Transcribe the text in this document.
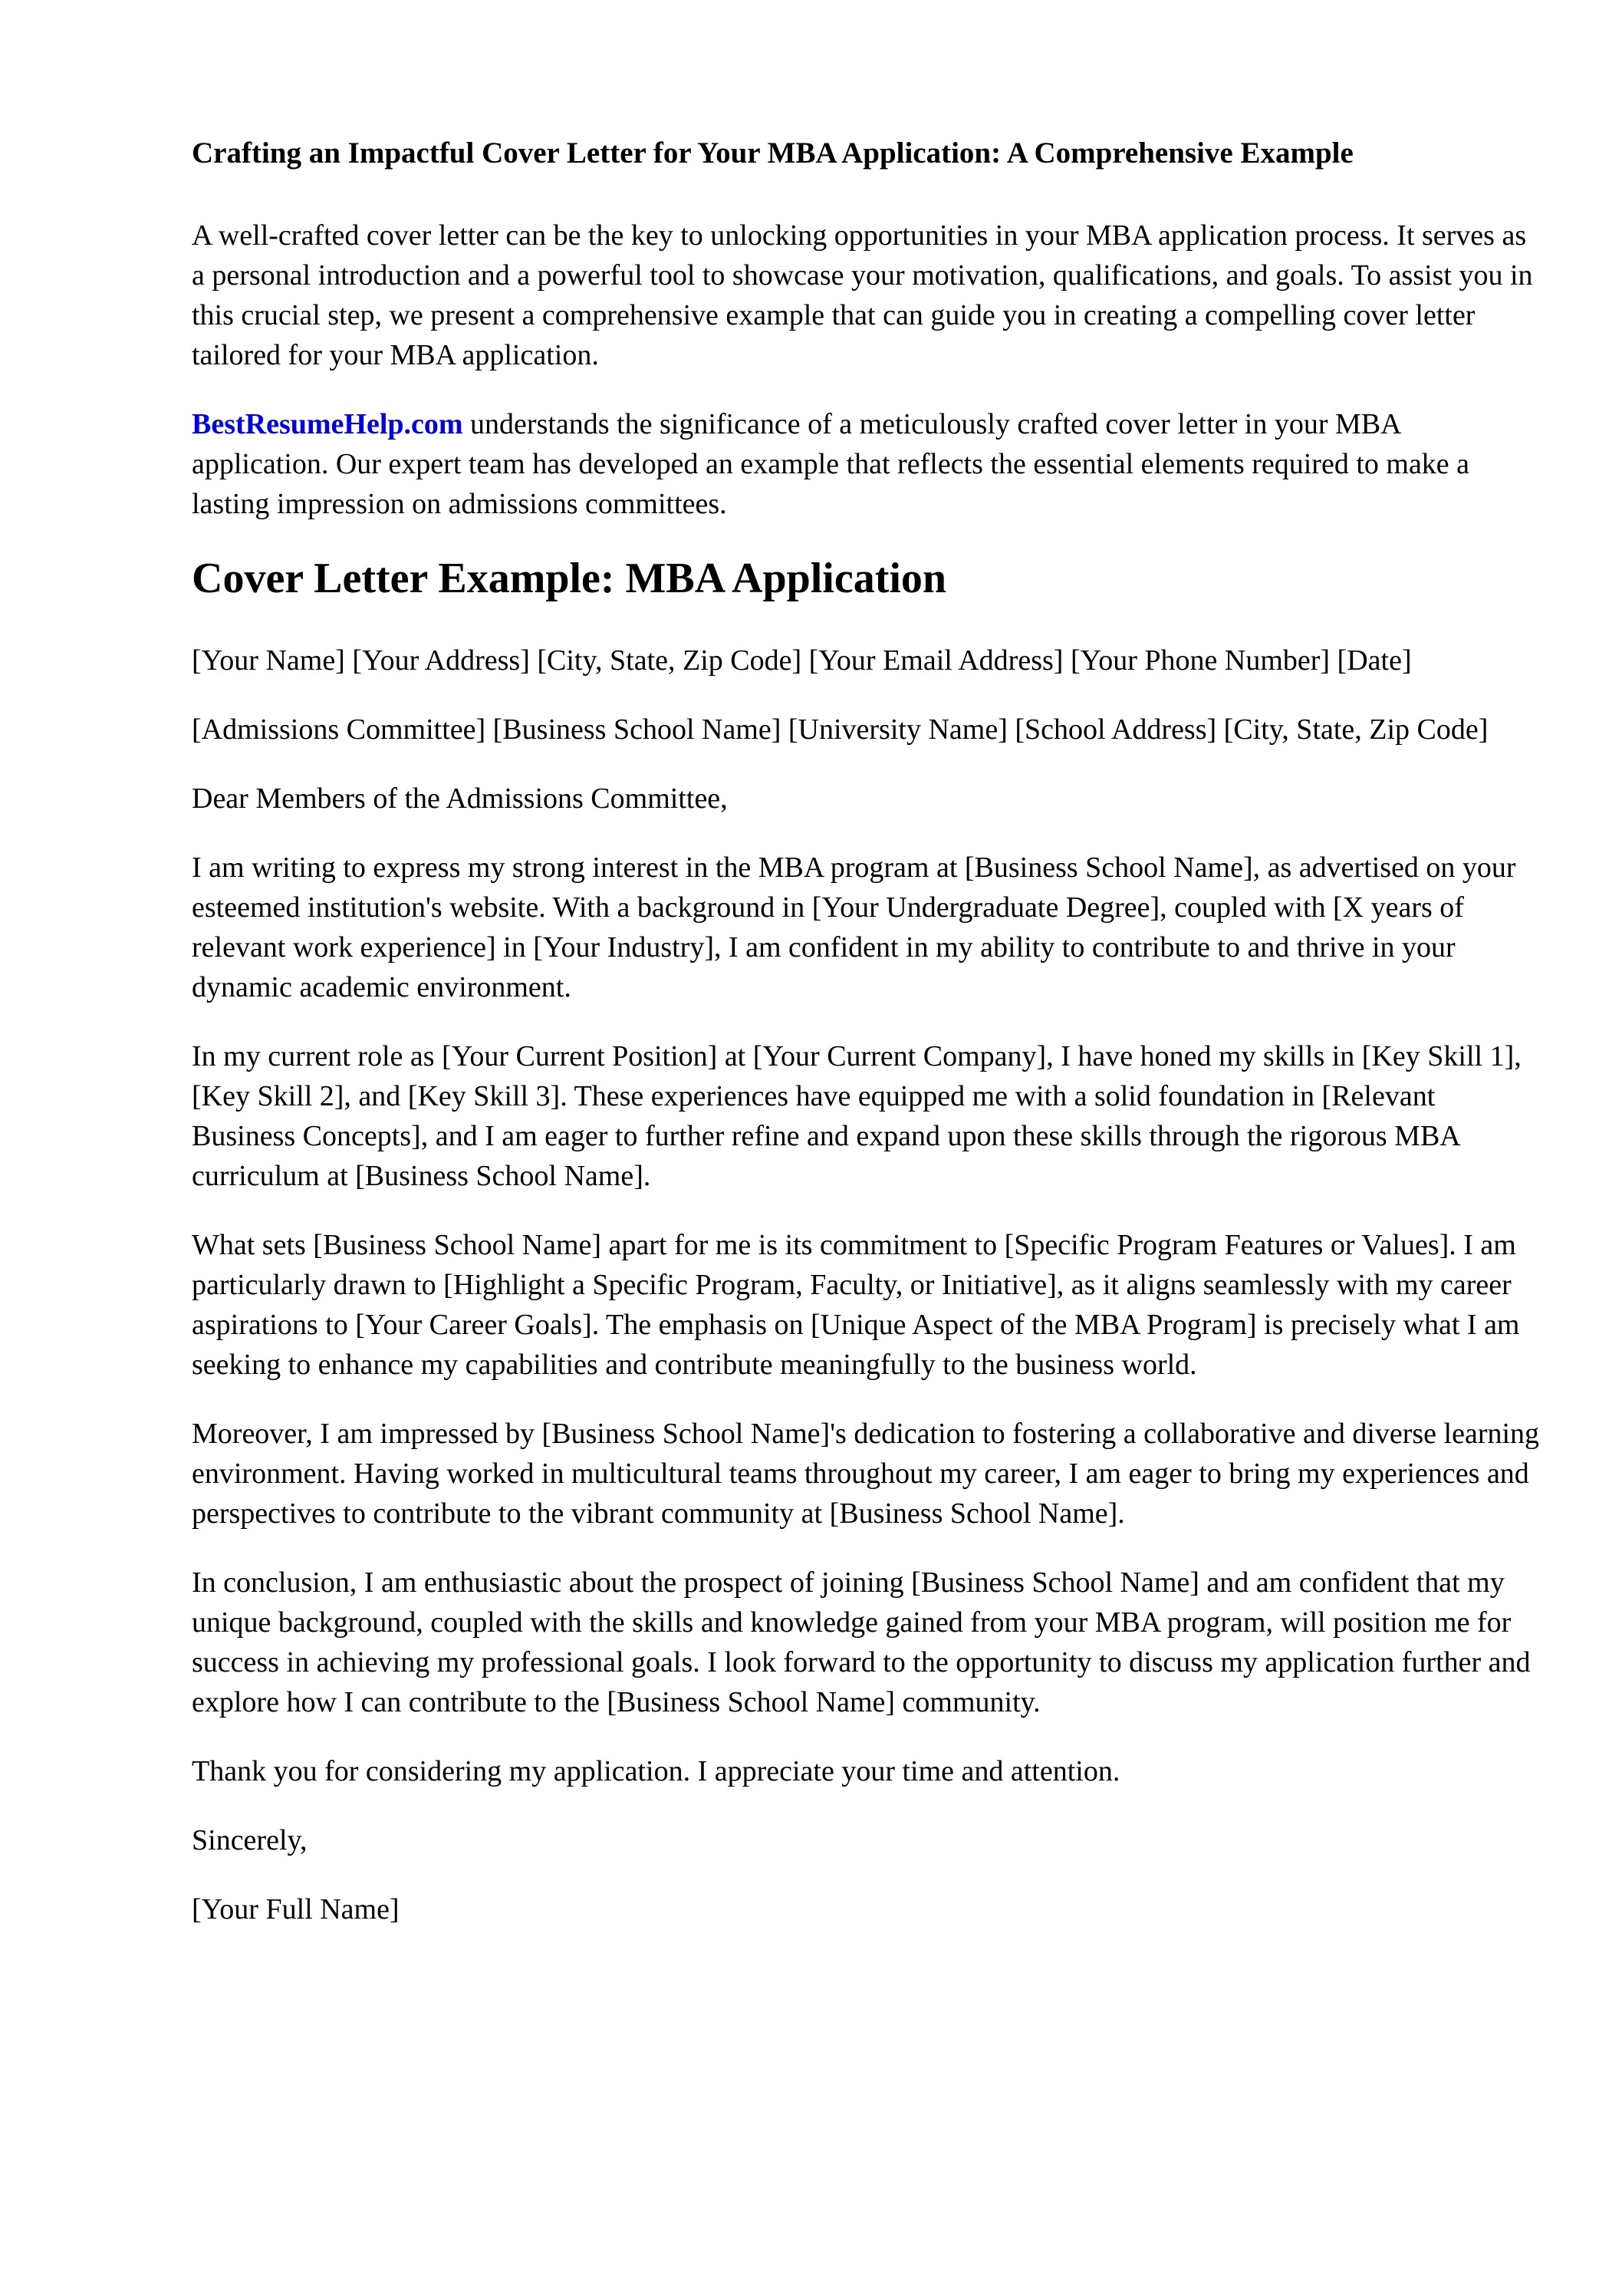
Crafting an Impactful Cover Letter for Your MBA Application: A Comprehensive Example

A well-crafted cover letter can be the key to unlocking opportunities in your MBA application process. It serves as a personal introduction and a powerful tool to showcase your motivation, qualifications, and goals. To assist you in this crucial step, we present a comprehensive example that can guide you in creating a compelling cover letter tailored for your MBA application.

BestResumeHelp.com understands the significance of a meticulously crafted cover letter in your MBA application. Our expert team has developed an example that reflects the essential elements required to make a lasting impression on admissions committees.

Cover Letter Example: MBA Application

[Your Name] [Your Address] [City, State, Zip Code] [Your Email Address] [Your Phone Number] [Date]

[Admissions Committee] [Business School Name] [University Name] [School Address] [City, State, Zip Code]

Dear Members of the Admissions Committee,

I am writing to express my strong interest in the MBA program at [Business School Name], as advertised on your esteemed institution's website. With a background in [Your Undergraduate Degree], coupled with [X years of relevant work experience] in [Your Industry], I am confident in my ability to contribute to and thrive in your dynamic academic environment.

In my current role as [Your Current Position] at [Your Current Company], I have honed my skills in [Key Skill 1], [Key Skill 2], and [Key Skill 3]. These experiences have equipped me with a solid foundation in [Relevant Business Concepts], and I am eager to further refine and expand upon these skills through the rigorous MBA curriculum at [Business School Name].

What sets [Business School Name] apart for me is its commitment to [Specific Program Features or Values]. I am particularly drawn to [Highlight a Specific Program, Faculty, or Initiative], as it aligns seamlessly with my career aspirations to [Your Career Goals]. The emphasis on [Unique Aspect of the MBA Program] is precisely what I am seeking to enhance my capabilities and contribute meaningfully to the business world.

Moreover, I am impressed by [Business School Name]'s dedication to fostering a collaborative and diverse learning environment. Having worked in multicultural teams throughout my career, I am eager to bring my experiences and perspectives to contribute to the vibrant community at [Business School Name].

In conclusion, I am enthusiastic about the prospect of joining [Business School Name] and am confident that my unique background, coupled with the skills and knowledge gained from your MBA program, will position me for success in achieving my professional goals. I look forward to the opportunity to discuss my application further and explore how I can contribute to the [Business School Name] community.

Thank you for considering my application. I appreciate your time and attention.

Sincerely,

[Your Full Name]
